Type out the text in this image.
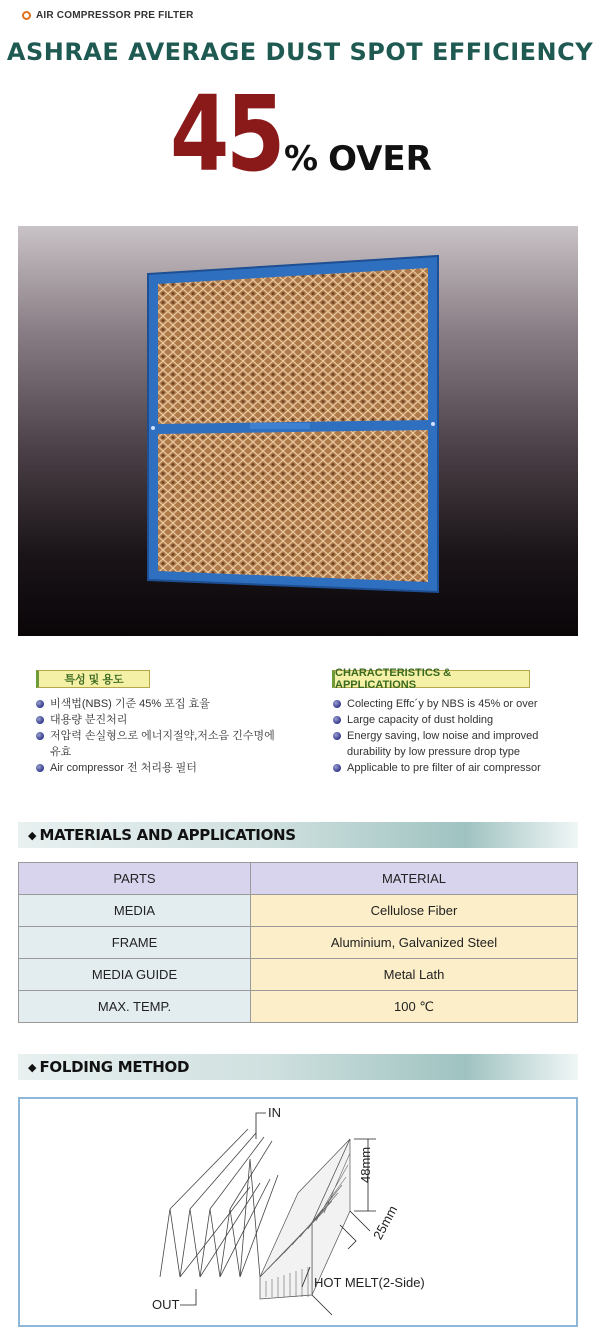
AIR COMPRESSOR PRE FILTER
ASHRAE AVERAGE DUST SPOT EFFICIENCY
45 % OVER
특성 및 용도
CHARACTERISTICS & APPLICATIONS
비색법(NBS) 기준 45% 포집 효율
대용량 분진처리
저압력 손실형으로 에너지절약,저소음 긴수명에 유효
Air compressor 전 처리용 필터
Colecting Effc´y by NBS is 45% or over
Large capacity of dust holding
Energy saving, low noise and improved durability by low pressure drop type
Applicable to pre filter of air compressor
◆ MATERIALS AND APPLICATIONS
PARTS	MATERIAL
MEDIA	Cellulose Fiber
FRAME	Aluminium, Galvanized Steel
MEDIA GUIDE	Metal Lath
MAX. TEMP.	100 ℃
◆ FOLDING METHOD
IN
48mm
25mm
HOT MELT(2-Side)
OUT
